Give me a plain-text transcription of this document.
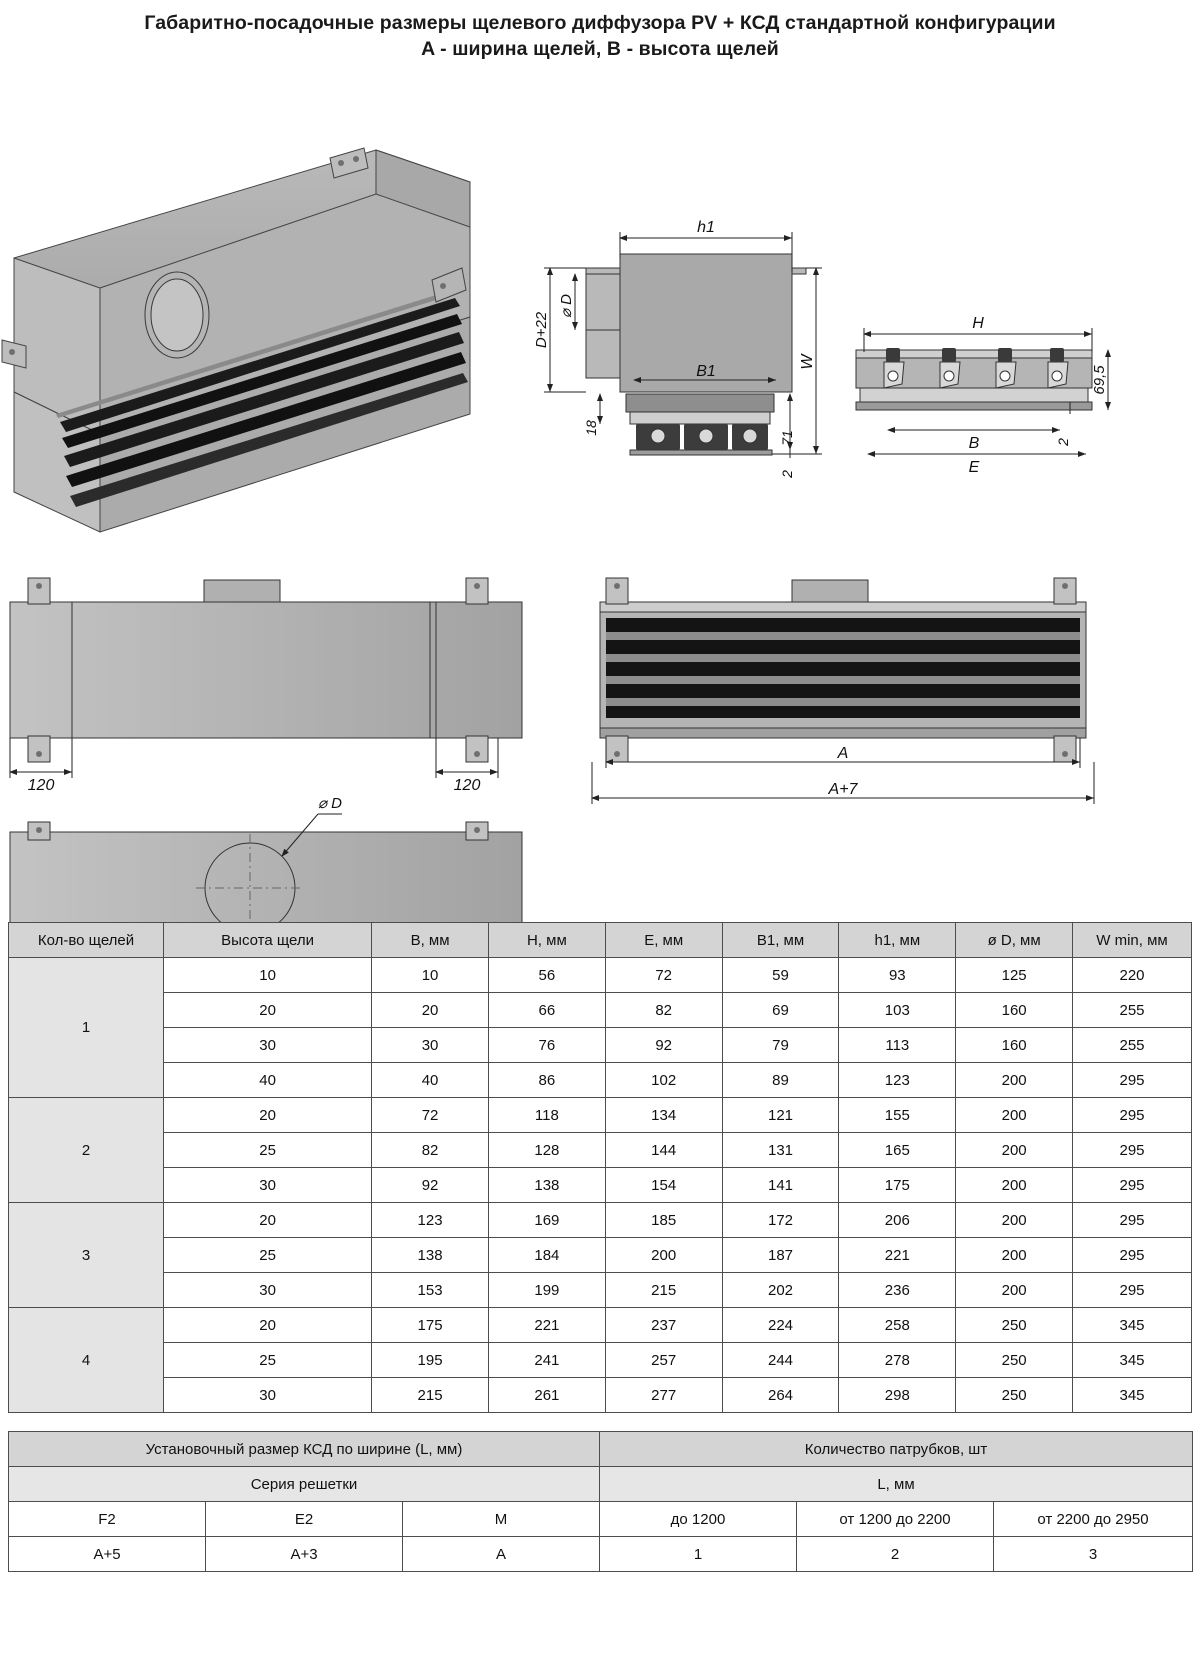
Габаритно-посадочные размеры щелевого диффузора PV + КСД стандартной конфигурации
A - ширина щелей, B - высота щелей
h1
B1
W
D+22
⌀ D
18
71
2
H
B
E
69,5
2
120	120
A
A+7
⌀ D
Кол-во щелей	Высота щели	B, мм	H, мм	E, мм	B1, мм	h1, мм	ø D, мм	W min, мм
1	10	10	56	72	59	93	125	220
	20	20	66	82	69	103	160	255
	30	30	76	92	79	113	160	255
	40	40	86	102	89	123	200	295
2	20	72	118	134	121	155	200	295
	25	82	128	144	131	165	200	295
	30	92	138	154	141	175	200	295
3	20	123	169	185	172	206	200	295
	25	138	184	200	187	221	200	295
	30	153	199	215	202	236	200	295
4	20	175	221	237	224	258	250	345
	25	195	241	257	244	278	250	345
	30	215	261	277	264	298	250	345
Установочный размер КСД по ширине (L, мм)			Количество патрубков, шт		
Серия решетки			L, мм		
F2	E2	M	до 1200	от 1200 до 2200	от 2200 до 2950
A+5	A+3	A	1	2	3
